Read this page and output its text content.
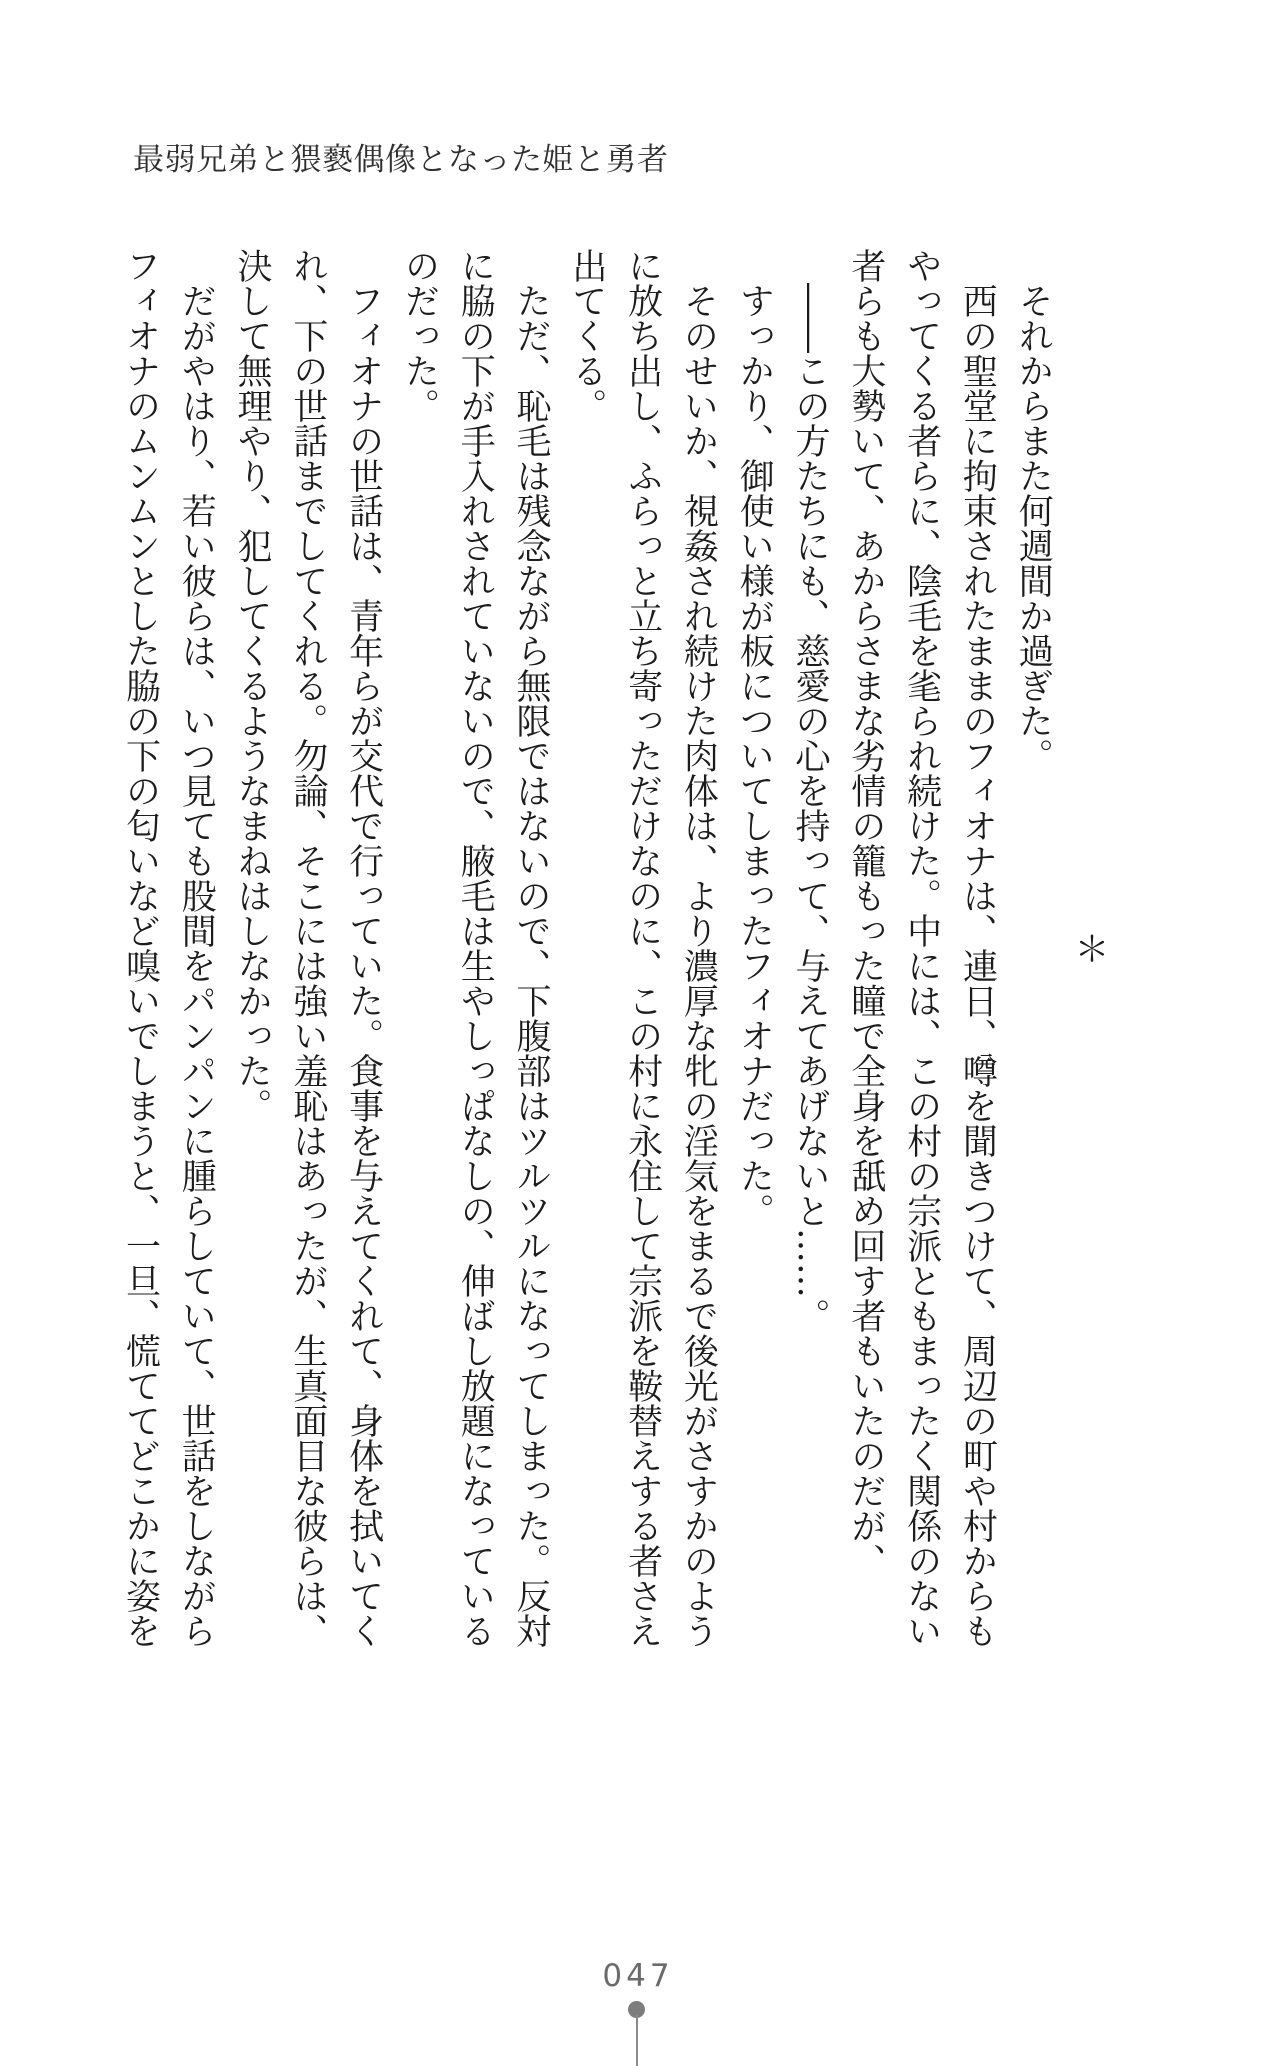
最弱兄弟と猥褻偶像となった姫と勇者

＊

それからまた何週間か過ぎた。

西の聖堂に拘束されたままのフィオナは、連日、噂を聞きつけて、周辺の町や村からも

やってくる者らに、陰毛を毟られ続けた。中には、この村の宗派ともまったく関係のない

者らも大勢いて、あからさまな劣情の籠もった瞳で全身を舐め回す者もいたのだが、

――この方たちにも、慈愛の心を持って、与えてあげないと……。

すっかり、御使い様が板についてしまったフィオナだった。

そのせいか、視姦され続けた肉体は、より濃厚な牝の淫気をまるで後光がさすかのよう

に放ち出し、ふらっと立ち寄っただけなのに、この村に永住して宗派を鞍替えする者さえ

出てくる。

ただ、恥毛は残念ながら無限ではないので、下腹部はツルツルになってしまった。反対

に脇の下が手入れされていないので、腋毛は生やしっぱなしの、伸ばし放題になっている

のだった。

フィオナの世話は、青年らが交代で行っていた。食事を与えてくれて、身体を拭いてく

れ、下の世話までしてくれる。勿論、そこには強い羞恥はあったが、生真面目な彼らは、

決して無理やり、犯してくるようなまねはしなかった。

だがやはり、若い彼らは、いつ見ても股間をパンパンに腫らしていて、世話をしながら

フィオナのムンムンとした脇の下の匂いなど嗅いでしまうと、一旦、慌ててどこかに姿を

047
